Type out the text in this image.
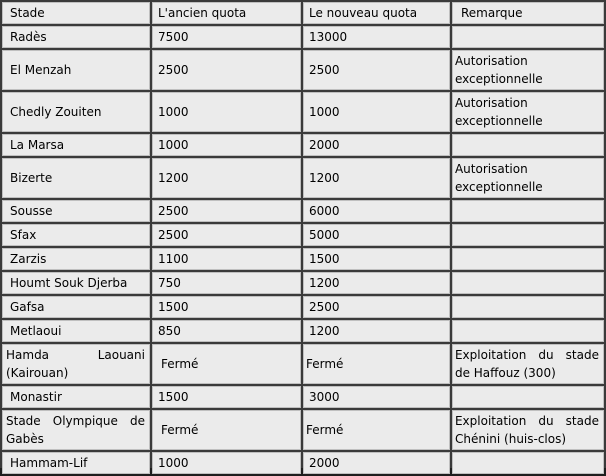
Stade	L'ancien quota	Le nouveau quota	Remarque
Radès	7500	13000	
El Menzah	2500	2500	Autorisation exceptionnelle
Chedly Zouiten	1000	1000	Autorisation exceptionnelle
La Marsa	1000	2000	
Bizerte	1200	1200	Autorisation exceptionnelle
Sousse	2500	6000	
Sfax	2500	5000	
Zarzis	1100	1500	
Houmt Souk Djerba	750	1200	
Gafsa	1500	2500	
Metlaoui	850	1200	
Hamda Laouani (Kairouan)	Fermé	Fermé	Exploitation du stade de Haffouz (300)
Monastir	1500	3000	
Stade Olympique de Gabès	Fermé	Fermé	Exploitation du stade Chénini (huis-clos)
Hammam-Lif	1000	2000	
